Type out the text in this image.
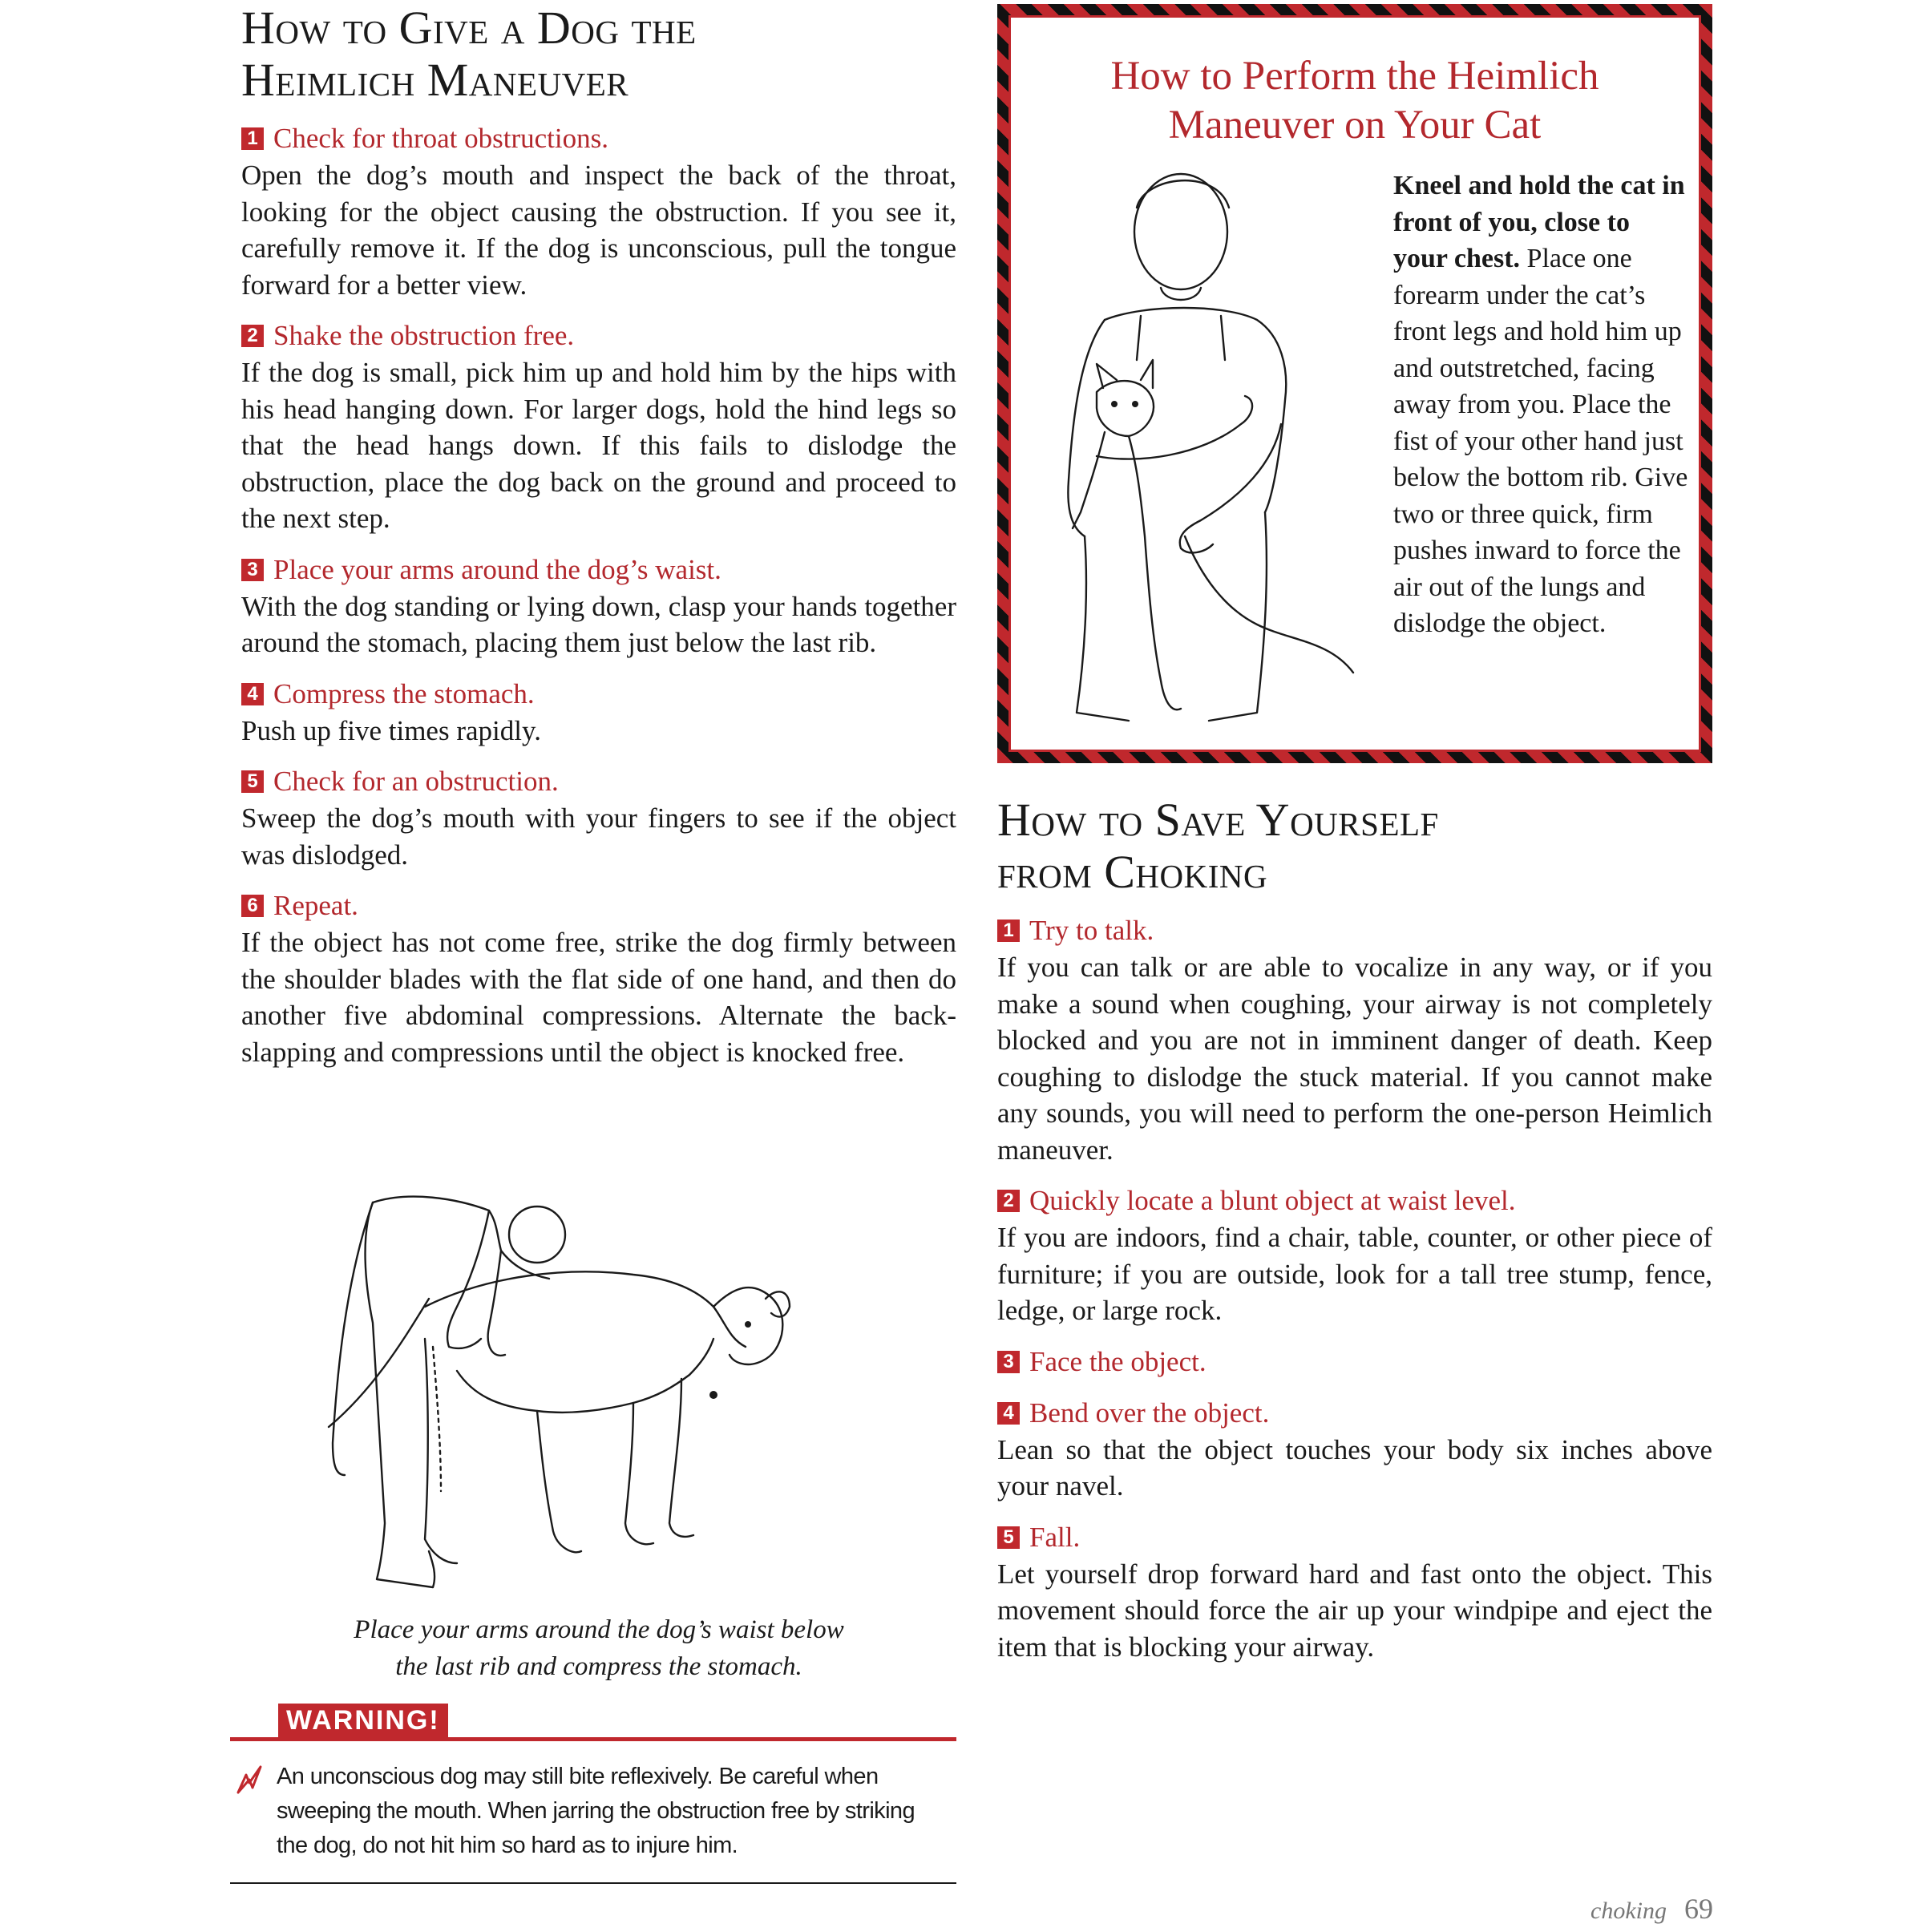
How to Give a Dog the
Heimlich Maneuver
1 Check for throat obstructions.

Open the dog’s mouth and inspect the back of the throat, looking for the object causing the obstruction. If you see it, carefully remove it. If the dog is unconscious, pull the tongue forward for a better view.

2 Shake the obstruction free.

If the dog is small, pick him up and hold him by the hips with his head hanging down. For larger dogs, hold the hind legs so that the head hangs down. If this fails to dislodge the obstruction, place the dog back on the ground and proceed to the next step.

3 Place your arms around the dog’s waist.

With the dog standing or lying down, clasp your hands together around the stomach, placing them just below the last rib.

4 Compress the stomach.

Push up five times rapidly.

5 Check for an obstruction.

Sweep the dog’s mouth with your fingers to see if the object was dislodged.

6 Repeat.

If the object has not come free, strike the dog firmly between the shoulder blades with the flat side of one hand, and then do another five abdominal compressions. Alternate the back-slapping and compressions until the object is knocked free.

Place your arms around the dog’s waist below
the last rib and compress the stomach.
WARNING!
An unconscious dog may still bite reflexively. Be careful when sweeping the mouth. When jarring the obstruction free by striking the dog, do not hit him so hard as to injure him.
How to Perform the Heimlich
Maneuver on Your Cat
Kneel and hold the cat in front of you, close to your chest. Place one forearm under the cat’s front legs and hold him up and outstretched, facing away from you. Place the fist of your other hand just below the bottom rib. Give two or three quick, firm pushes inward to force the air out of the lungs and dislodge the object.
How to Save Yourself
from Choking
1 Try to talk.

If you can talk or are able to vocalize in any way, or if you make a sound when coughing, your airway is not completely blocked and you are not in imminent danger of death. Keep coughing to dislodge the stuck material. If you cannot make any sounds, you will need to perform the one-person Heimlich maneuver.

2 Quickly locate a blunt object at waist level.

If you are indoors, find a chair, table, counter, or other piece of furniture; if you are outside, look for a tall tree stump, fence, ledge, or large rock.

3 Face the object.
4 Bend over the object.

Lean so that the object touches your body six inches above your navel.

5 Fall.

Let yourself drop forward hard and fast onto the object. This movement should force the air up your windpipe and eject the item that is blocking your airway.

choking 69
